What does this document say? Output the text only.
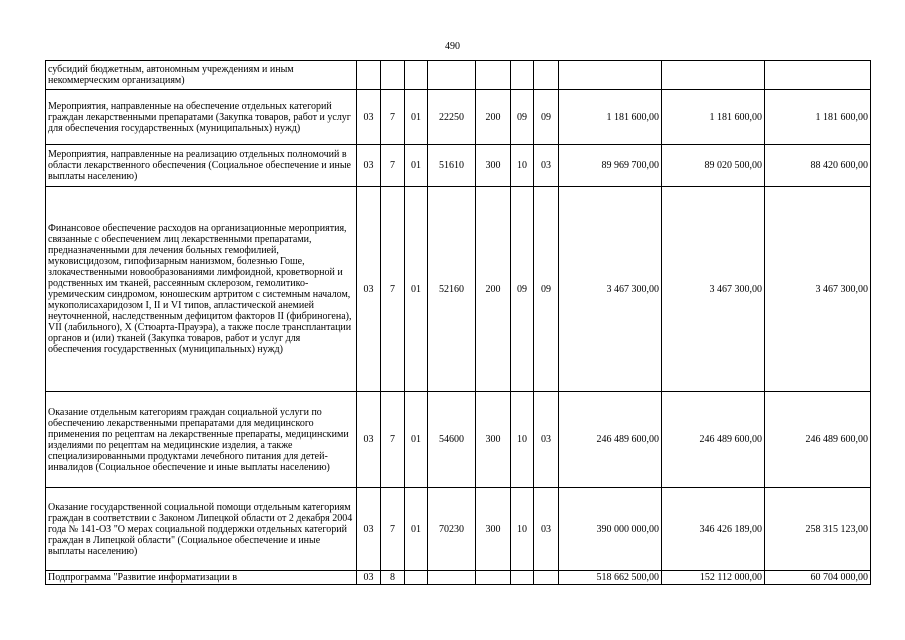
490
субсидий бюджетным, автономным учреждениям и иным некоммерческим организациям)										
Мероприятия, направленные на обеспечение отдельных категорий граждан лекарственными препаратами (Закупка товаров, работ и услуг для обеспечения государственных (муниципальных) нужд)	03	7	01	22250	200	09	09	1 181 600,00	1 181 600,00	1 181 600,00
Мероприятия, направленные на реализацию отдельных полномочий в области лекарственного обеспечения (Социальное обеспечение и иные выплаты населению)	03	7	01	51610	300	10	03	89 969 700,00	89 020 500,00	88 420 600,00
Финансовое обеспечение расходов на организационные мероприятия, связанные с обеспечением лиц лекарственными препаратами, предназначенными для лечения больных гемофилией, муковисцидозом, гипофизарным нанизмом, болезнью Гоше, злокачественными новообразованиями лимфоидной, кроветворной и родственных им тканей, рассеянным склерозом, гемолитико-уремическим синдромом, юношеским артритом с системным началом, мукополисахаридозом I, II и VI типов, апластической анемией неуточненной, наследственным дефицитом факторов II (фибриногена), VII (лабильного), X (Стюарта-Прауэра), а также после трансплантации органов и (или) тканей (Закупка товаров, работ и услуг для обеспечения государственных (муниципальных) нужд)	03	7	01	52160	200	09	09	3 467 300,00	3 467 300,00	3 467 300,00
Оказание отдельным категориям граждан социальной услуги по обеспечению лекарственными препаратами для медицинского применения по рецептам на лекарственные препараты, медицинскими изделиями по рецептам на медицинские изделия, а также специализированными продуктами лечебного питания для детей-инвалидов (Социальное обеспечение и иные выплаты населению)	03	7	01	54600	300	10	03	246 489 600,00	246 489 600,00	246 489 600,00
Оказание государственной социальной помощи отдельным категориям граждан в соответствии с Законом Липецкой области от 2 декабря 2004 года № 141-ОЗ "О мерах социальной поддержки отдельных категорий граждан в Липецкой области" (Социальное обеспечение и иные выплаты населению)	03	7	01	70230	300	10	03	390 000 000,00	346 426 189,00	258 315 123,00
Подпрограмма "Развитие информатизации в	03	8						518 662 500,00	152 112 000,00	60 704 000,00
